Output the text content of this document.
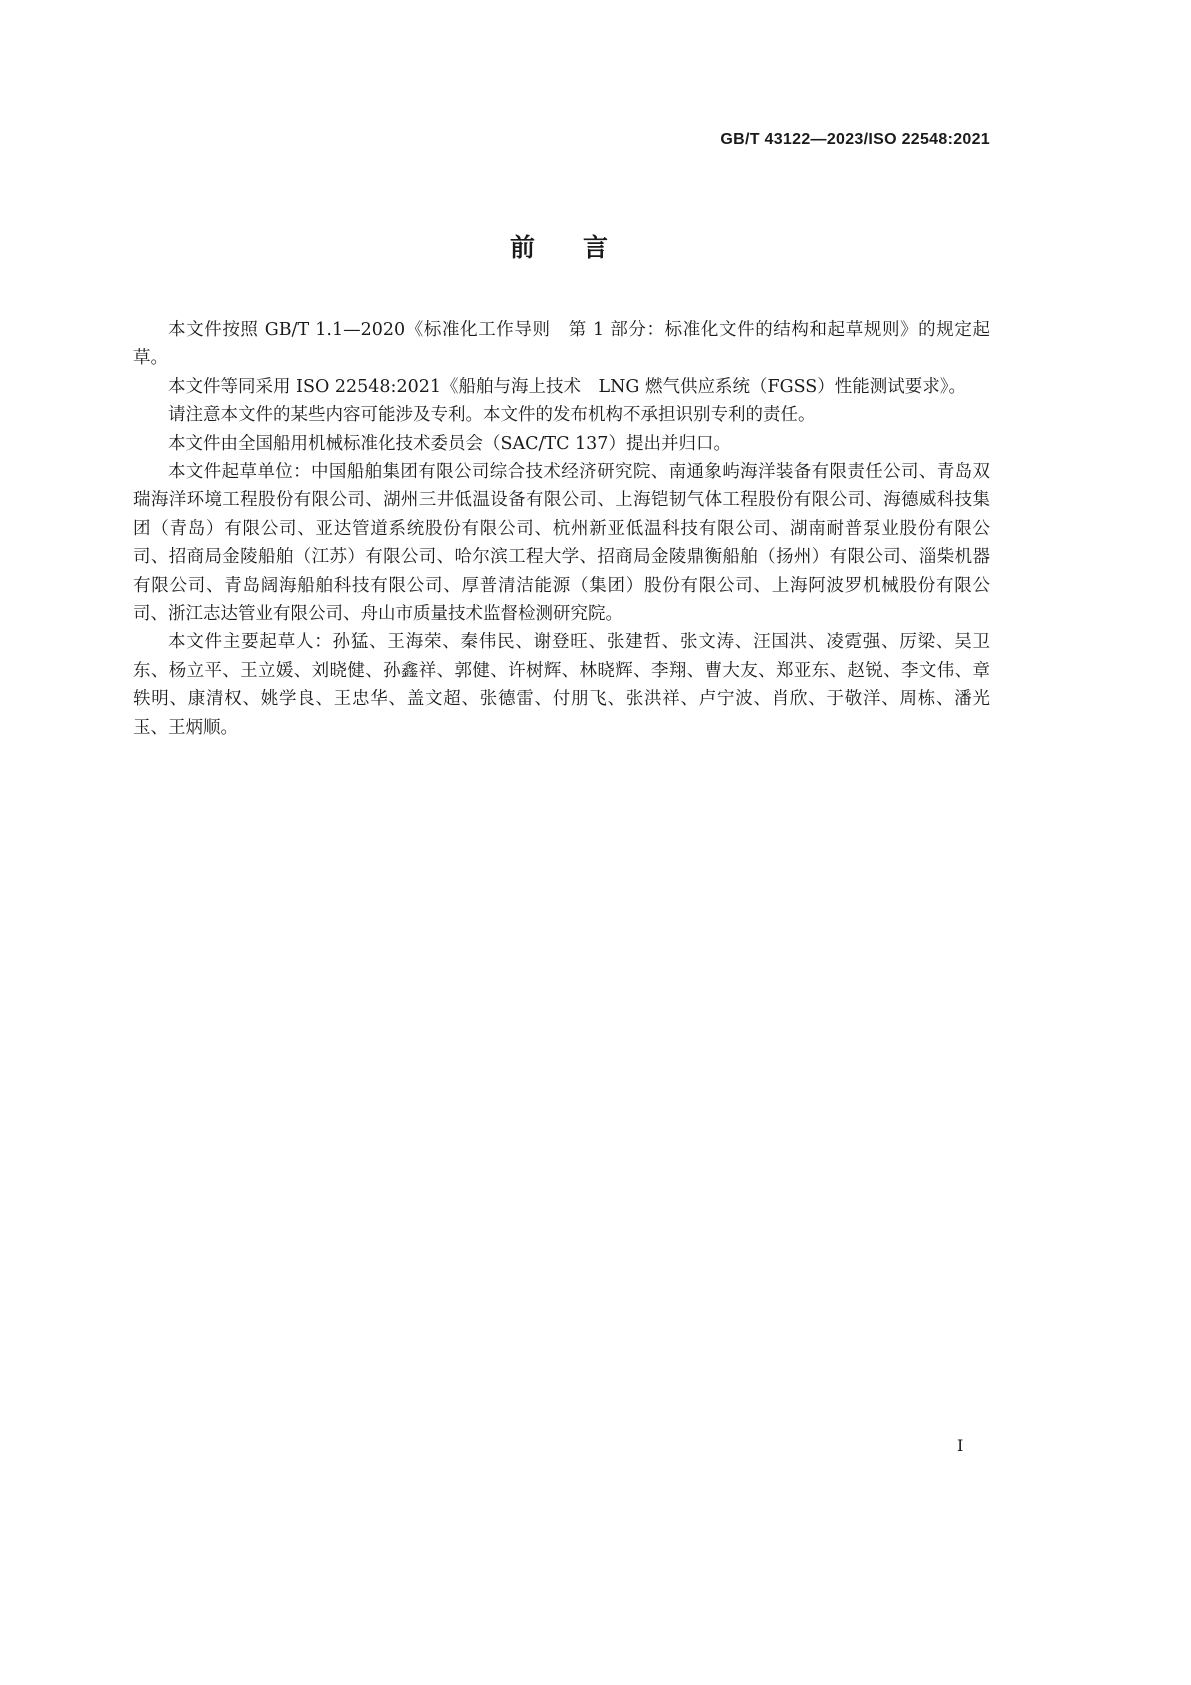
GB/T 43122—2023/ISO 22548:2021
前言

本文件按照 GB/T 1.1—2020《标准化工作导则　第 1 部分：标准化文件的结构和起草规则》的规定起草。

本文件等同采用 ISO 22548:2021《船舶与海上技术　LNG 燃气供应系统（FGSS）性能测试要求》。

请注意本文件的某些内容可能涉及专利。本文件的发布机构不承担识别专利的责任。

本文件由全国船用机械标准化技术委员会（SAC/TC 137）提出并归口。

本文件起草单位：中国船舶集团有限公司综合技术经济研究院、南通象屿海洋装备有限责任公司、青岛双瑞海洋环境工程股份有限公司、湖州三井低温设备有限公司、上海铠韧气体工程股份有限公司、海德威科技集团（青岛）有限公司、亚达管道系统股份有限公司、杭州新亚低温科技有限公司、湖南耐普泵业股份有限公司、招商局金陵船舶（江苏）有限公司、哈尔滨工程大学、招商局金陵鼎衡船舶（扬州）有限公司、淄柴机器有限公司、青岛阔海船舶科技有限公司、厚普清洁能源（集团）股份有限公司、上海阿波罗机械股份有限公司、浙江志达管业有限公司、舟山市质量技术监督检测研究院。

本文件主要起草人：孙猛、王海荣、秦伟民、谢登旺、张建哲、张文涛、汪国洪、凌霓强、厉梁、吴卫东、杨立平、王立媛、刘晓健、孙鑫祥、郭健、许树辉、林晓辉、李翔、曹大友、郑亚东、赵锐、李文伟、章轶明、康清权、姚学良、王忠华、盖文超、张德雷、付朋飞、张洪祥、卢宁波、肖欣、于敬洋、周栋、潘光玉、王炳顺。

I
